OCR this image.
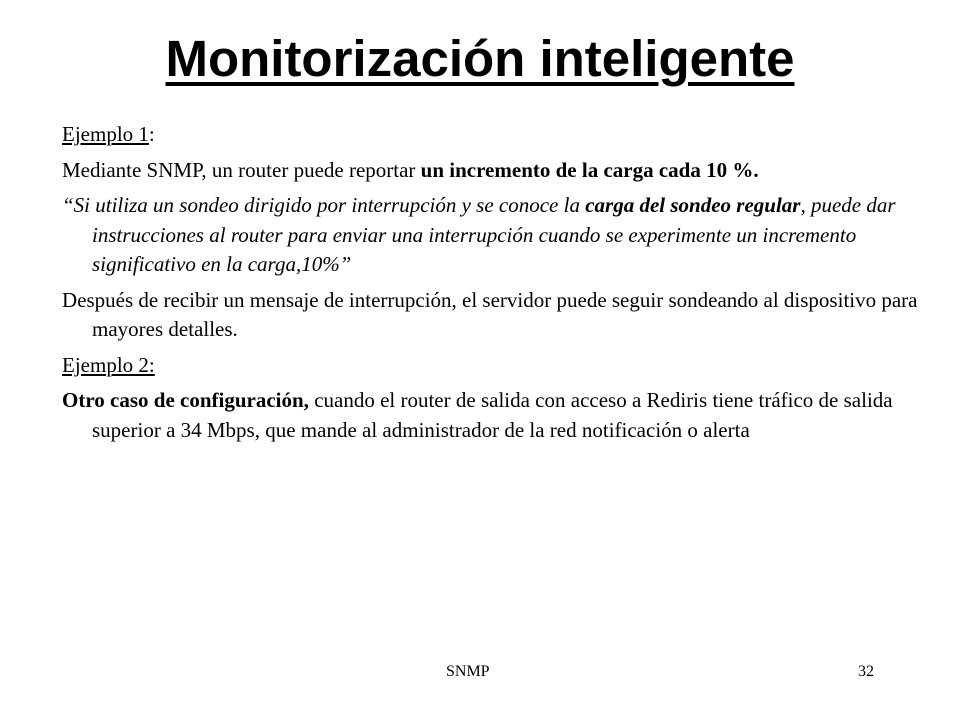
Monitorización inteligente

Ejemplo 1:

Mediante SNMP, un router puede reportar un incremento de la carga cada 10 %.

“Si utiliza un sondeo dirigido por interrupción y se conoce la carga del sondeo regular, puede dar instrucciones al router para enviar una interrupción cuando se experimente un incremento significativo en la carga,10%”

Después de recibir un mensaje de interrupción, el servidor puede seguir sondeando al dispositivo para mayores detalles.

Ejemplo 2:

Otro caso de configuración, cuando el router de salida con acceso a Rediris tiene tráfico de salida superior a 34 Mbps, que mande al administrador de la red notificación o alerta

SNMP	32
